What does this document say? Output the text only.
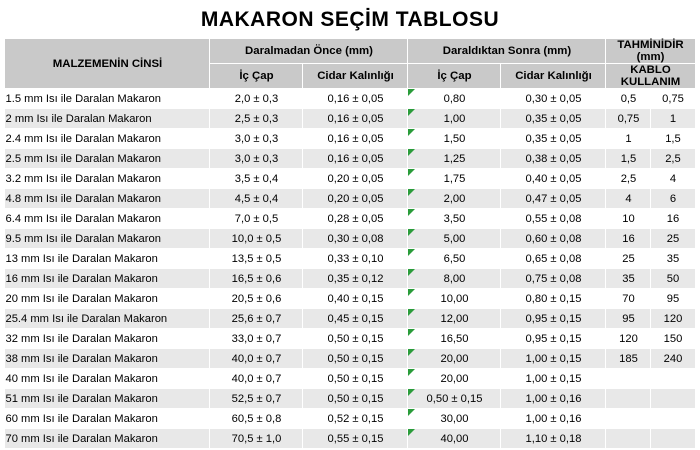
MAKARON SEÇİM TABLOSU
MALZEMENİN CİNSİ	Daralmadan Önce (mm)		Daraldıktan Sonra (mm)		TAHMİNİDİR (mm)	
	İç Çap	Cidar Kalınlığı	İç Çap	Cidar Kalınlığı	KABLO KULLANIM	
1.5 mm Isı ile Daralan Makaron	2,0 ± 0,3	0,16 ± 0,05	0,80	0,30 ± 0,05	0,5	0,75
2 mm Isı ile Daralan Makaron	2,5 ± 0,3	0,16 ± 0,05	1,00	0,35 ± 0,05	0,75	1
2.4 mm Isı ile Daralan Makaron	3,0 ± 0,3	0,16 ± 0,05	1,50	0,35 ± 0,05	1	1,5
2.5 mm Isı ile Daralan Makaron	3,0 ± 0,3	0,16 ± 0,05	1,25	0,38 ± 0,05	1,5	2,5
3.2 mm Isı ile Daralan Makaron	3,5 ± 0,4	0,20 ± 0,05	1,75	0,40 ± 0,05	2,5	4
4.8 mm Isı ile Daralan Makaron	4,5 ± 0,4	0,20 ± 0,05	2,00	0,47 ± 0,05	4	6
6.4 mm Isı ile Daralan Makaron	7,0 ± 0,5	0,28 ± 0,05	3,50	0,55 ± 0,08	10	16
9.5 mm Isı ile Daralan Makaron	10,0 ± 0,5	0,30 ± 0,08	5,00	0,60 ± 0,08	16	25
13 mm Isı ile Daralan Makaron	13,5 ± 0,5	0,33 ± 0,10	6,50	0,65 ± 0,08	25	35
16 mm Isı ile Daralan Makaron	16,5 ± 0,6	0,35 ± 0,12	8,00	0,75 ± 0,08	35	50
20 mm Isı ile Daralan Makaron	20,5 ± 0,6	0,40 ± 0,15	10,00	0,80 ± 0,15	70	95
25.4 mm Isı ile Daralan Makaron	25,6 ± 0,7	0,45 ± 0,15	12,00	0,95 ± 0,15	95	120
32 mm Isı ile Daralan Makaron	33,0 ± 0,7	0,50 ± 0,15	16,50	0,95 ± 0,15	120	150
38 mm Isı ile Daralan Makaron	40,0 ± 0,7	0,50 ± 0,15	20,00	1,00 ± 0,15	185	240
40 mm Isı ile Daralan Makaron	40,0 ± 0,7	0,50 ± 0,15	20,00	1,00 ± 0,15		
51 mm Isı ile Daralan Makaron	52,5 ± 0,7	0,50 ± 0,15	0,50 ± 0,15	1,00 ± 0,16		
60 mm Isı ile Daralan Makaron	60,5 ± 0,8	0,52 ± 0,15	30,00	1,00 ± 0,16		
70 mm Isı ile Daralan Makaron	70,5 ± 1,0	0,55 ± 0,15	40,00	1,10 ± 0,18		
